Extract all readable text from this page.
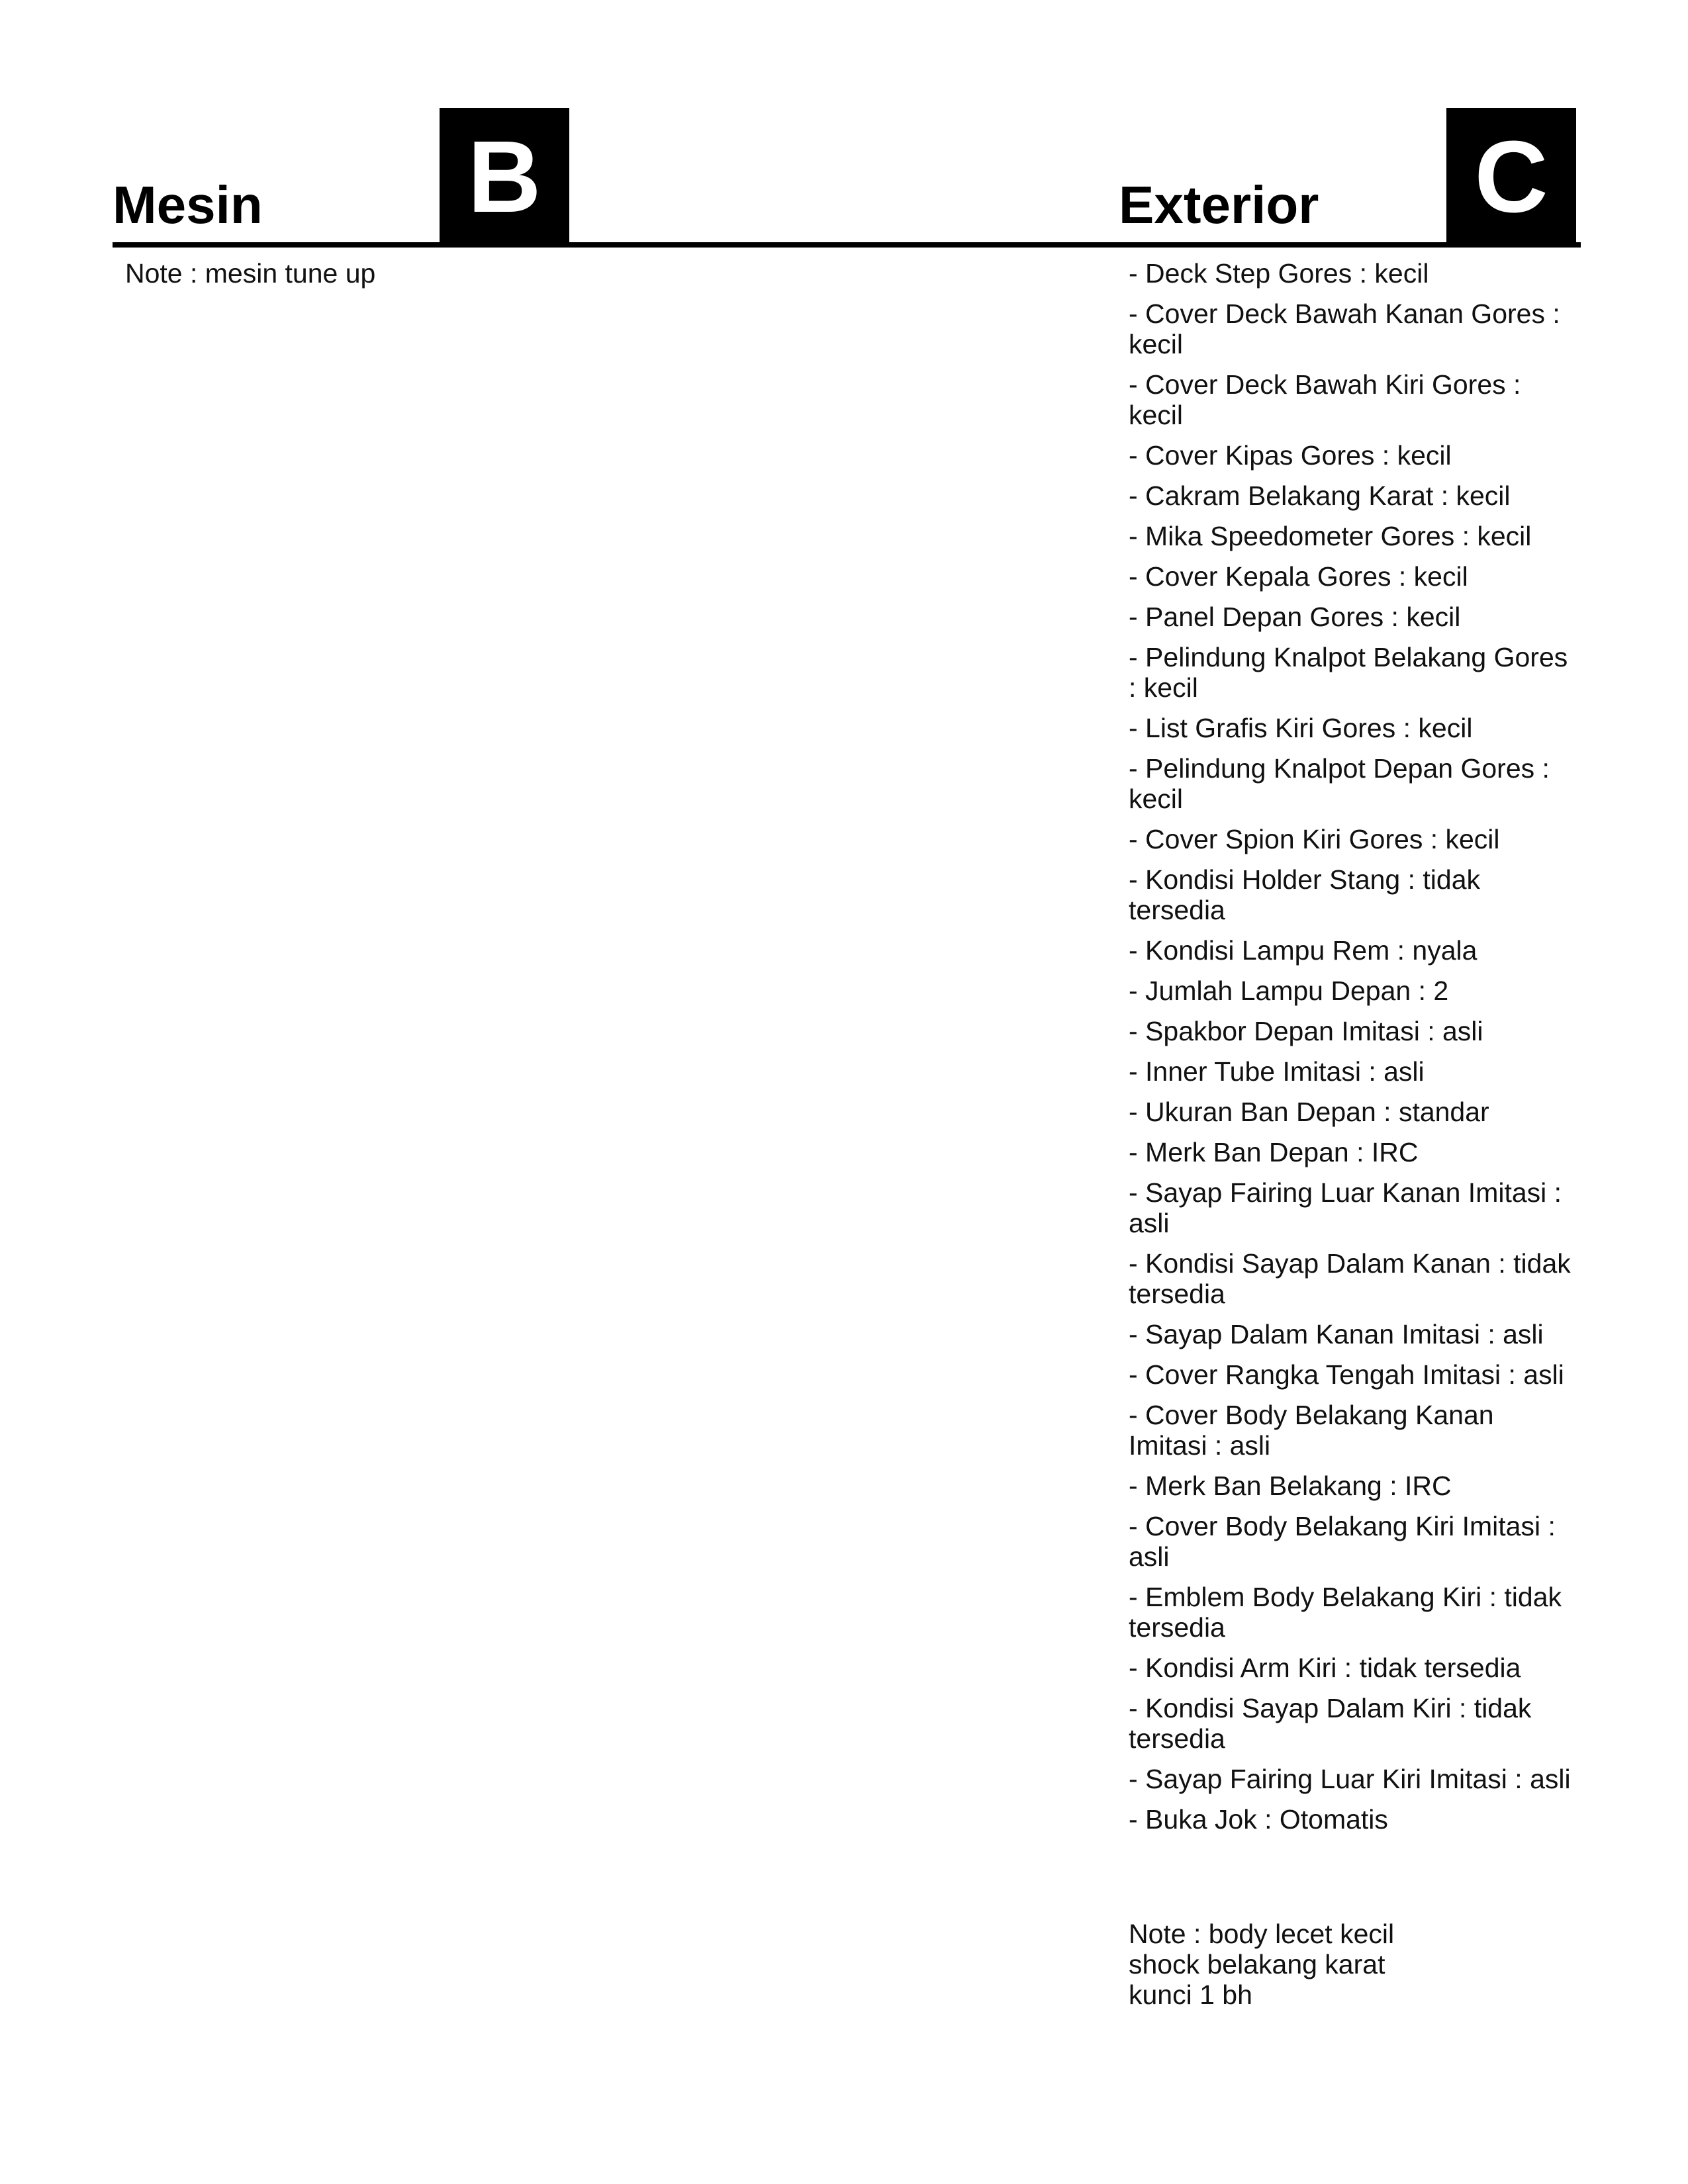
Mesin B	Exterior C
Note : mesin tune up	- Deck Step Gores : kecil
- Cover Deck Bawah Kanan Gores : kecil
- Cover Deck Bawah Kiri Gores : kecil
- Cover Kipas Gores : kecil
- Cakram Belakang Karat : kecil
- Mika Speedometer Gores : kecil
- Cover Kepala Gores : kecil
- Panel Depan Gores : kecil
- Pelindung Knalpot Belakang Gores : kecil
- List Grafis Kiri Gores : kecil
- Pelindung Knalpot Depan Gores : kecil
- Cover Spion Kiri Gores : kecil
- Kondisi Holder Stang : tidak tersedia
- Kondisi Lampu Rem : nyala
- Jumlah Lampu Depan : 2
- Spakbor Depan Imitasi : asli
- Inner Tube Imitasi : asli
- Ukuran Ban Depan : standar
- Merk Ban Depan : IRC
- Sayap Fairing Luar Kanan Imitasi : asli
- Kondisi Sayap Dalam Kanan : tidak tersedia
- Sayap Dalam Kanan Imitasi : asli
- Cover Rangka Tengah Imitasi : asli
- Cover Body Belakang Kanan Imitasi : asli
- Merk Ban Belakang : IRC
- Cover Body Belakang Kiri Imitasi : asli
- Emblem Body Belakang Kiri : tidak tersedia
- Kondisi Arm Kiri : tidak tersedia
- Kondisi Sayap Dalam Kiri : tidak tersedia
- Sayap Fairing Luar Kiri Imitasi : asli
- Buka Jok : Otomatis
Note : body lecet kecil
shock belakang karat
kunci 1 bh
